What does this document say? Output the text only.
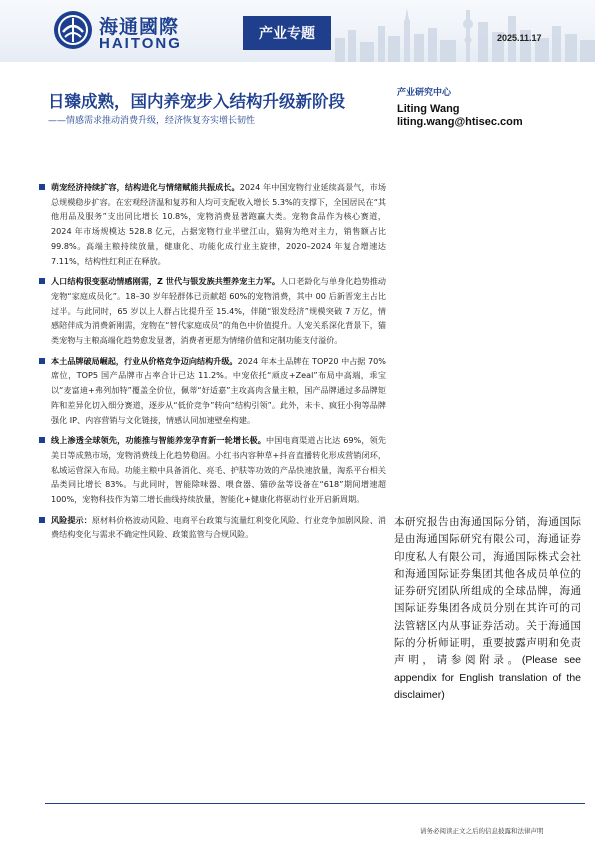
海通國際
HAITONG
产业专题	2025.11.17
日臻成熟，国内养宠步入结构升级新阶段
——情感需求推动消费升级，经济恢复夯实增长韧性
产业研究中心
Liting Wang
liting.wang@htisec.com
萌宠经济持续扩容，结构进化与情绪赋能共振成长。2024 年中国宠物行业延续高景气，市场总规模稳步扩容。在宏观经济温和复苏和人均可支配收入增长 5.3%的支撑下，全国居民在“其他用品及服务”支出同比增长 10.8%，宠物消费显著跑赢大类。宠物食品作为核心赛道，2024 年市场规模达 528.8 亿元，占据宠物行业半壁江山，猫狗为绝对主力，销售额占比 99.8%。高端主粮持续放量，健康化、功能化成行业主旋律，2020–2024 年复合增速达 7.11%，结构性红利正在释放。
人口结构很变驱动情感刚需，Z 世代与银发族共塑养宠主力军。人口老龄化与单身化趋势推动宠物“家庭成员化”。18–30 岁年轻群体已贡献超 60%的宠物消费，其中 00 后新晋宠主占比过半。与此同时，65 岁以上人群占比提升至 15.4%，伴随“银发经济”规模突破 7 万亿，情感陪伴成为消费新刚需，宠物在“替代家庭成员”的角色中价值提升。人宠关系深化背景下，猫类宠物与主粮高端化趋势愈发显著，消费者更愿为情绪价值和定制功能支付溢价。
本土品牌破局崛起，行业从价格竞争迈向结构升级。2024 年本土品牌在 TOP20 中占据 70%席位，TOP5 国产品牌市占率合计已达 11.2%。中宠依托“顽皮+Zeal”布局中高端，乖宝以“麦富迪+弗列加特”覆盖全价位，佩蒂“好适嘉”主攻高肉含量主粮，国产品牌通过多品牌矩阵和差异化切入细分赛道，逐步从“低价竞争”转向“结构引领”。此外，未卡、疯狂小狗等品牌强化 IP、内容营销与文化链接，情感认同加速壁垒构建。
线上渗透全球领先，功能推与智能养宠孕育新一轮增长极。中国电商渠道占比达 69%，领先美日等成熟市场，宠物消费线上化趋势稳固。小红书内容种草+抖音直播转化形成营销闭环，私域运营深入布局。功能主粮中具备消化、亮毛、护肤等功效的产品快速放量，淘系平台相关品类同比增长 83%。与此同时，智能除味器、喂食器、猫砂盆等设备在“618”期间增速超 100%，宠物科技作为第二增长曲线持续放量，智能化+健康化将驱动行业开启新周期。
风险提示：原材料价格波动风险、电商平台政策与流量红利变化风险、行业竞争加剧风险、消费结构变化与需求不确定性风险、政策监管与合规风险。
本研究报告由海通国际分销，海通国际是由海通国际研究有限公司，海通证券印度私人有限公司，海通国际株式会社和海通国际证券集团其他各成员单位的证券研究团队所组成的全球品牌，海通国际证券集团各成员分别在其许可的司法管辖区内从事证券活动。关于海通国际的分析师证明，重要披露声明和免责声明，请参阅附录。(Please see appendix for English translation of the disclaimer)
请务必阅读正文之后的信息披露和法律声明
